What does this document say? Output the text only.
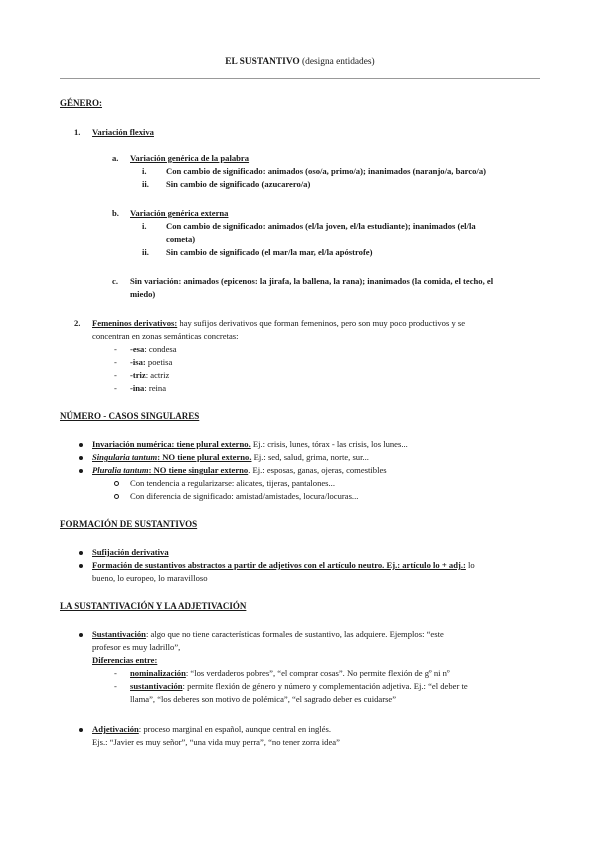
EL SUSTANTIVO (designa entidades)
GÉNERO:
1. Variación flexiva
a. Variación genérica de la palabra
i. Con cambio de significado: animados (oso/a, primo/a); inanimados (naranjo/a, barco/a)
ii. Sin cambio de significado (azucarero/a)
b. Variación genérica externa
i. Con cambio de significado: animados (el/la joven, el/la estudiante); inanimados (el/la
cometa)
ii. Sin cambio de significado (el mar/la mar, el/la apóstrofe)
c. Sin variación: animados (epicenos: la jirafa, la ballena, la rana); inanimados (la comida, el techo, el
miedo)
2. Femeninos derivativos: hay sufijos derivativos que forman femeninos, pero son muy poco productivos y se
concentran en zonas semánticas concretas:
- -esa: condesa
- -isa: poetisa
- -triz: actriz
- -ina: reina
NÚMERO - CASOS SINGULARES
Invariación numérica: tiene plural externo. Ej.: crisis, lunes, tórax - las crisis, los lunes...
Singularia tantum: NO tiene plural externo. Ej.: sed, salud, grima, norte, sur...
Pluralia tantum: NO tiene singular externo. Ej.: esposas, ganas, ojeras, comestibles
Con tendencia a regularizarse: alicates, tijeras, pantalones...
Con diferencia de significado: amistad/amistades, locura/locuras...
FORMACIÓN DE SUSTANTIVOS
Sufijación derivativa
Formación de sustantivos abstractos a partir de adjetivos con el artículo neutro. Ej.: artículo lo + adj.: lo
bueno, lo europeo, lo maravilloso
LA SUSTANTIVACIÓN Y LA ADJETIVACIÓN
Sustantivación: algo que no tiene características formales de sustantivo, las adquiere. Ejemplos: “este
profesor es muy ladrillo”,
Diferencias entre:
- nominalización: “los verdaderos pobres”, “el comprar cosas”. No permite flexión de gº ni nº
- sustantivación: permite flexión de género y número y complementación adjetiva. Ej.: “el deber te
llama”, “los deberes son motivo de polémica”, “el sagrado deber es cuidarse”
Adjetivación: proceso marginal en español, aunque central en inglés.
Ejs.: “Javier es muy señor”, “una vida muy perra”, “no tener zorra idea”
